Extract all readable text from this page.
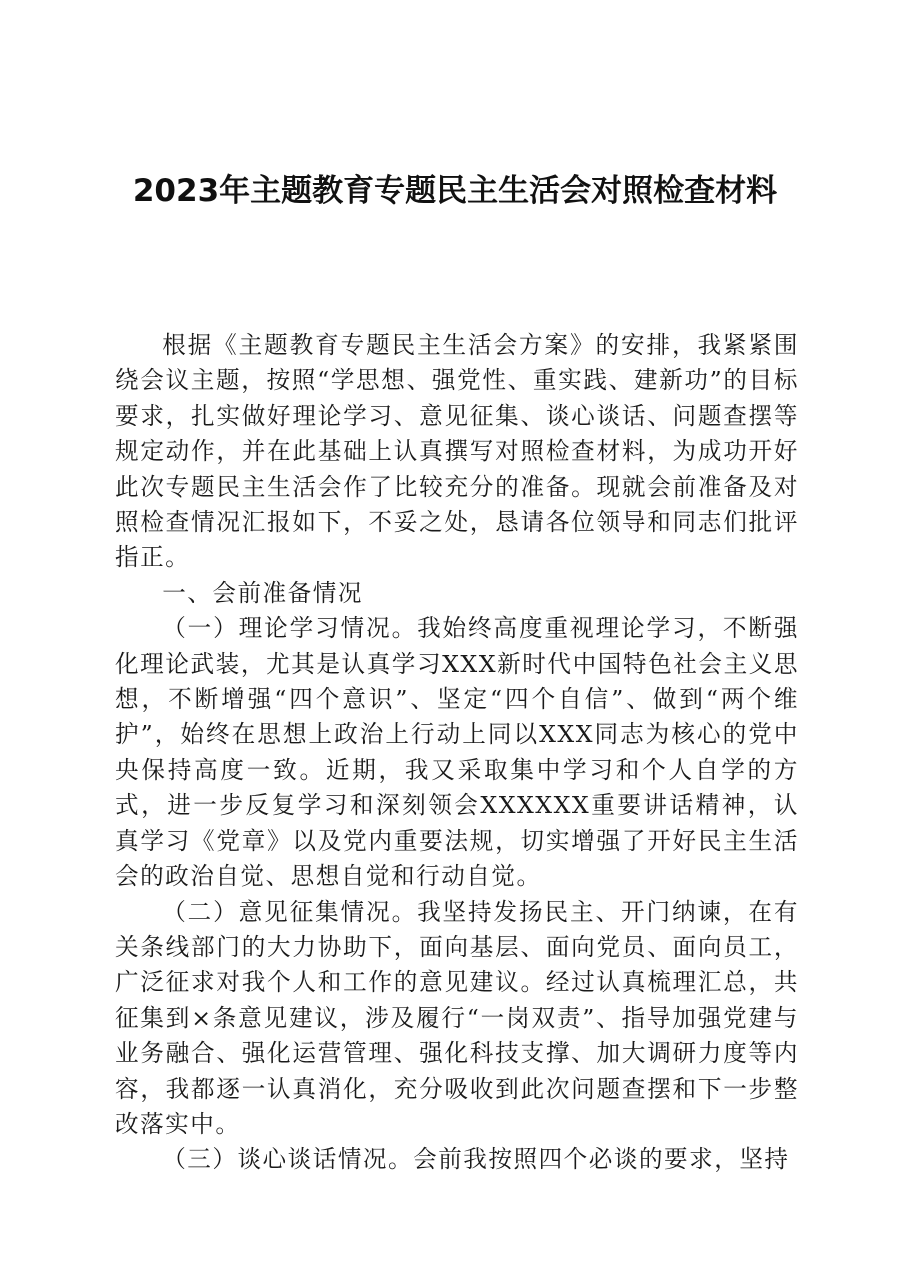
2023年主题教育专题民主生活会对照检查材料

根据《主题教育专题民主生活会方案》的安排，我紧紧围绕会议主题，按照“学思想、强党性、重实践、建新功”的目标要求，扎实做好理论学习、意见征集、谈心谈话、问题查摆等规定动作，并在此基础上认真撰写对照检查材料，为成功开好此次专题民主生活会作了比较充分的准备。现就会前准备及对照检查情况汇报如下，不妥之处，恳请各位领导和同志们批评指正。

一、会前准备情况

（一）理论学习情况。我始终高度重视理论学习，不断强化理论武装，尤其是认真学习XXX新时代中国特色社会主义思想，不断增强“四个意识”、坚定“四个自信”、做到“两个维护”，始终在思想上政治上行动上同以XXX同志为核心的党中央保持高度一致。近期，我又采取集中学习和个人自学的方式，进一步反复学习和深刻领会XXXXXX重要讲话精神，认真学习《党章》以及党内重要法规，切实增强了开好民主生活会的政治自觉、思想自觉和行动自觉。

（二）意见征集情况。我坚持发扬民主、开门纳谏，在有关条线部门的大力协助下，面向基层、面向党员、面向员工，广泛征求对我个人和工作的意见建议。经过认真梳理汇总，共征集到×条意见建议，涉及履行“一岗双责”、指导加强党建与业务融合、强化运营管理、强化科技支撑、加大调研力度等内容，我都逐一认真消化，充分吸收到此次问题查摆和下一步整改落实中。

（三）谈心谈话情况。会前我按照四个必谈的要求，坚持
